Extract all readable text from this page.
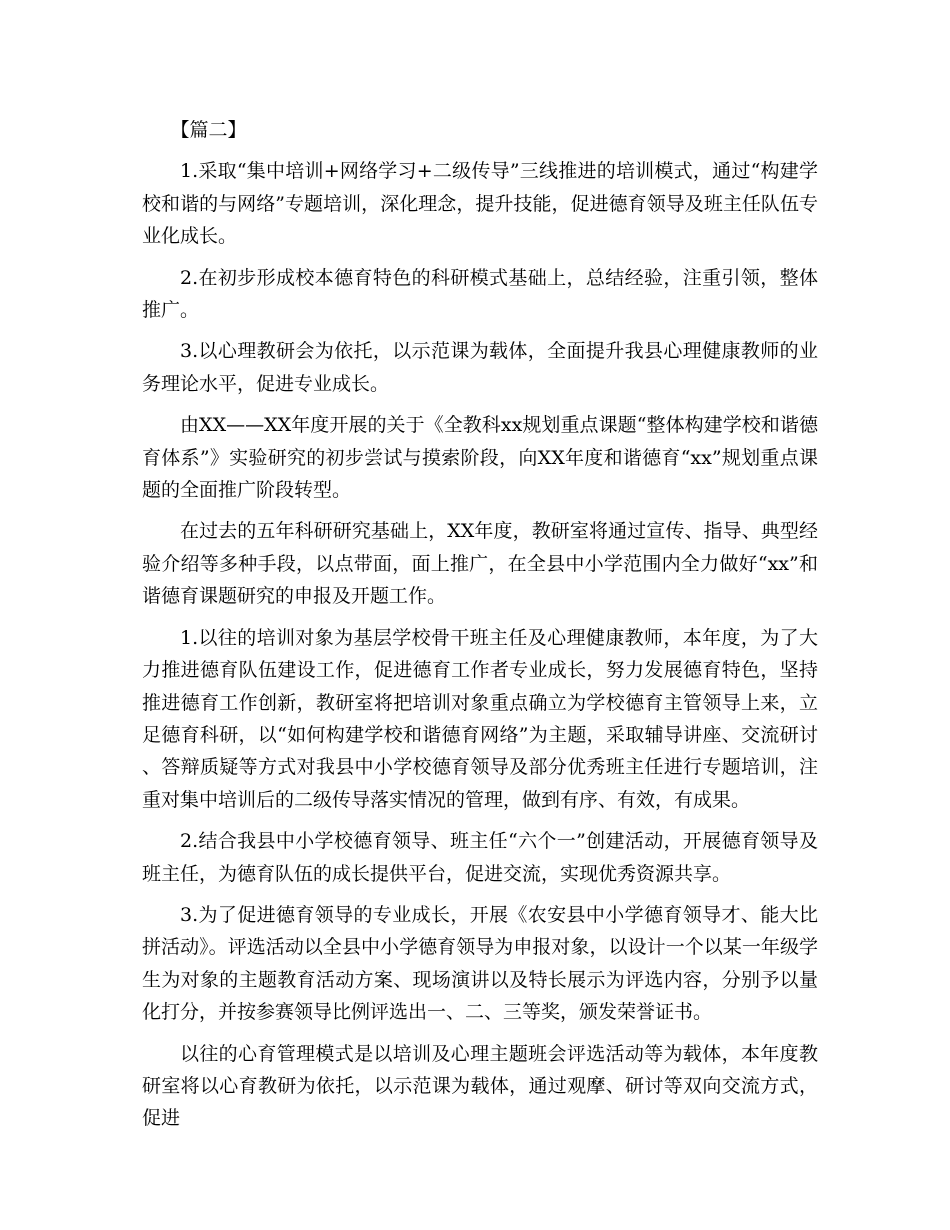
【篇二】

1.采取“集中培训+网络学习+二级传导”三线推进的培训模式，通过“构建学校和谐的与网络”专题培训，深化理念，提升技能，促进德育领导及班主任队伍专业化成长。

2.在初步形成校本德育特色的科研模式基础上，总结经验，注重引领，整体推广。

3.以心理教研会为依托，以示范课为载体，全面提升我县心理健康教师的业务理论水平，促进专业成长。

由XX——XX年度开展的关于《全教科xx规划重点课题“整体构建学校和谐德育体系”》实验研究的初步尝试与摸索阶段，向XX年度和谐德育“xx”规划重点课题的全面推广阶段转型。

在过去的五年科研研究基础上，XX年度，教研室将通过宣传、指导、典型经验介绍等多种手段，以点带面，面上推广，在全县中小学范围内全力做好“xx”和谐德育课题研究的申报及开题工作。

1.以往的培训对象为基层学校骨干班主任及心理健康教师，本年度，为了大力推进德育队伍建设工作，促进德育工作者专业成长，努力发展德育特色，坚持推进德育工作创新，教研室将把培训对象重点确立为学校德育主管领导上来，立足德育科研，以“如何构建学校和谐德育网络”为主题，采取辅导讲座、交流研讨、答辩质疑等方式对我县中小学校德育领导及部分优秀班主任进行专题培训，注重对集中培训后的二级传导落实情况的管理，做到有序、有效，有成果。

2.结合我县中小学校德育领导、班主任“六个一”创建活动，开展德育领导及班主任，为德育队伍的成长提供平台，促进交流，实现优秀资源共享。

3.为了促进德育领导的专业成长，开展《农安县中小学德育领导才、能大比拼活动》。评选活动以全县中小学德育领导为申报对象，以设计一个以某一年级学生为对象的主题教育活动方案、现场演讲以及特长展示为评选内容，分别予以量化打分，并按参赛领导比例评选出一、二、三等奖，颁发荣誉证书。

以往的心育管理模式是以培训及心理主题班会评选活动等为载体，本年度教研室将以心育教研为依托，以示范课为载体，通过观摩、研讨等双向交流方式，促进
